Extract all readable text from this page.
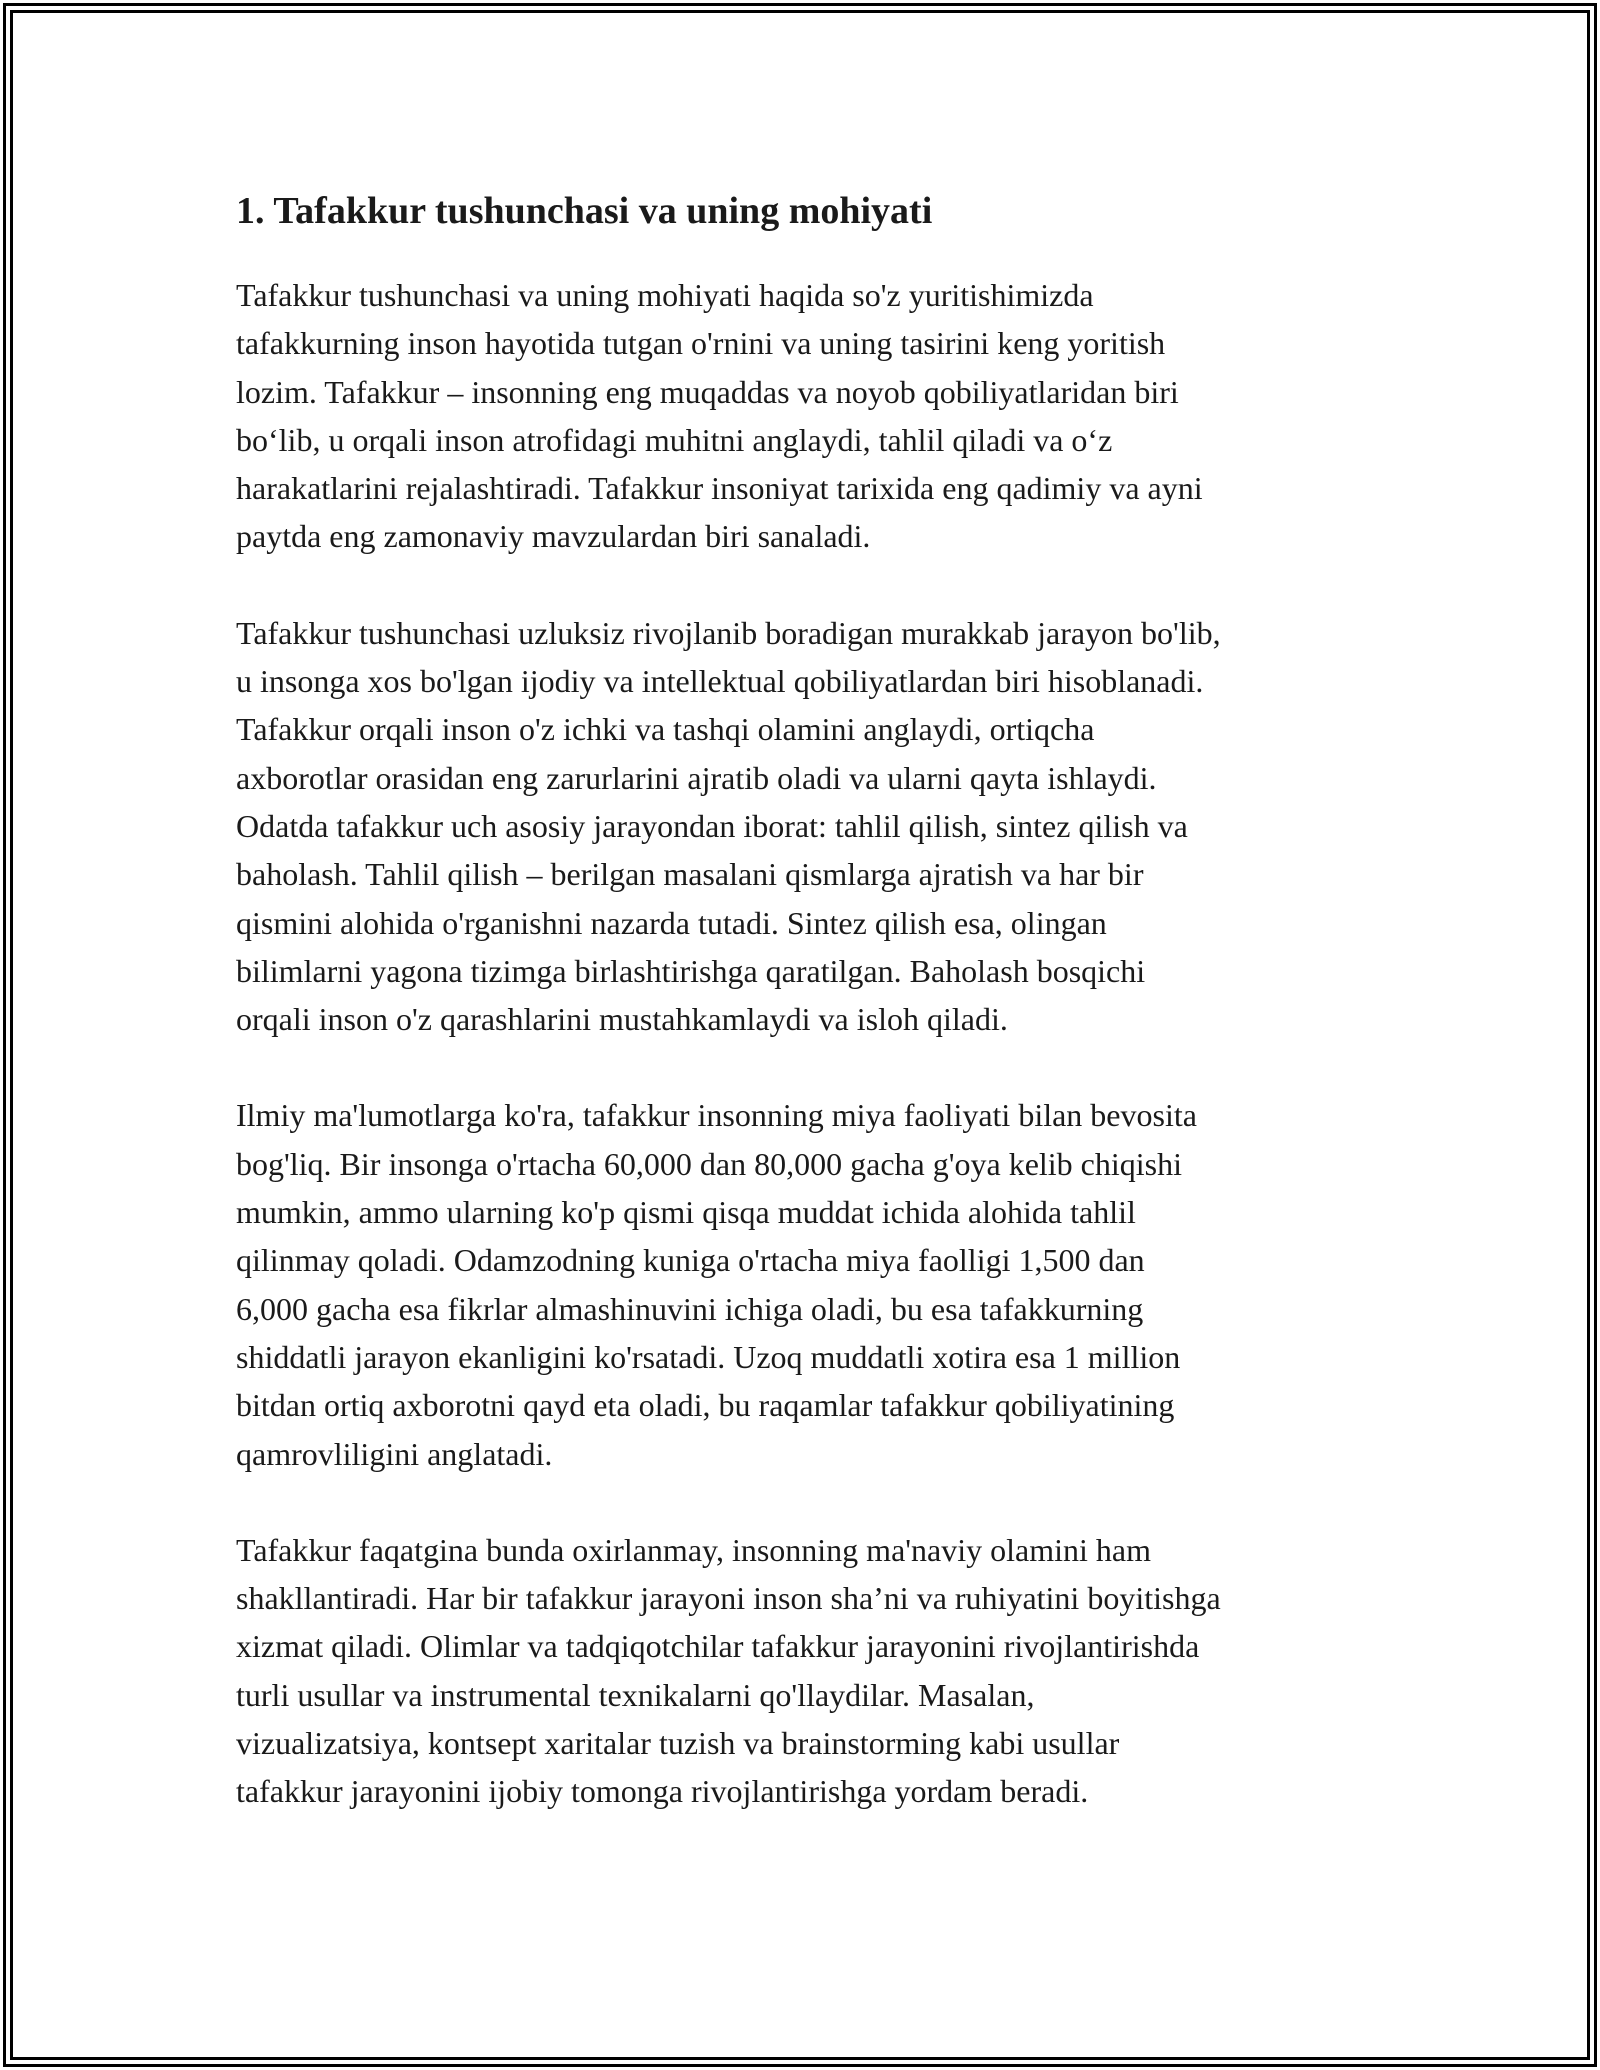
1. Tafakkur tushunchasi va uning mohiyati

Tafakkur tushunchasi va uning mohiyati haqida so'z yuritishimizda
tafakkurning inson hayotida tutgan o'rnini va uning tasirini keng yoritish
lozim. Tafakkur – insonning eng muqaddas va noyob qobiliyatlaridan biri
bo‘lib, u orqali inson atrofidagi muhitni anglaydi, tahlil qiladi va o‘z
harakatlarini rejalashtiradi. Tafakkur insoniyat tarixida eng qadimiy va ayni
paytda eng zamonaviy mavzulardan biri sanaladi.

Tafakkur tushunchasi uzluksiz rivojlanib boradigan murakkab jarayon bo'lib,
u insonga xos bo'lgan ijodiy va intellektual qobiliyatlardan biri hisoblanadi.
Tafakkur orqali inson o'z ichki va tashqi olamini anglaydi, ortiqcha
axborotlar orasidan eng zarurlarini ajratib oladi va ularni qayta ishlaydi.
Odatda tafakkur uch asosiy jarayondan iborat: tahlil qilish, sintez qilish va
baholash. Tahlil qilish – berilgan masalani qismlarga ajratish va har bir
qismini alohida o'rganishni nazarda tutadi. Sintez qilish esa, olingan
bilimlarni yagona tizimga birlashtirishga qaratilgan. Baholash bosqichi
orqali inson o'z qarashlarini mustahkamlaydi va isloh qiladi.

Ilmiy ma'lumotlarga ko'ra, tafakkur insonning miya faoliyati bilan bevosita
bog'liq. Bir insonga o'rtacha 60,000 dan 80,000 gacha g'oya kelib chiqishi
mumkin, ammo ularning ko'p qismi qisqa muddat ichida alohida tahlil
qilinmay qoladi. Odamzodning kuniga o'rtacha miya faolligi 1,500 dan
6,000 gacha esa fikrlar almashinuvini ichiga oladi, bu esa tafakkurning
shiddatli jarayon ekanligini ko'rsatadi. Uzoq muddatli xotira esa 1 million
bitdan ortiq axborotni qayd eta oladi, bu raqamlar tafakkur qobiliyatining
qamrovliligini anglatadi.

Tafakkur faqatgina bunda oxirlanmay, insonning ma'naviy olamini ham
shakllantiradi. Har bir tafakkur jarayoni inson sha’ni va ruhiyatini boyitishga
xizmat qiladi. Olimlar va tadqiqotchilar tafakkur jarayonini rivojlantirishda
turli usullar va instrumental texnikalarni qo'llaydilar. Masalan,
vizualizatsiya, kontsept xaritalar tuzish va brainstorming kabi usullar
tafakkur jarayonini ijobiy tomonga rivojlantirishga yordam beradi.
